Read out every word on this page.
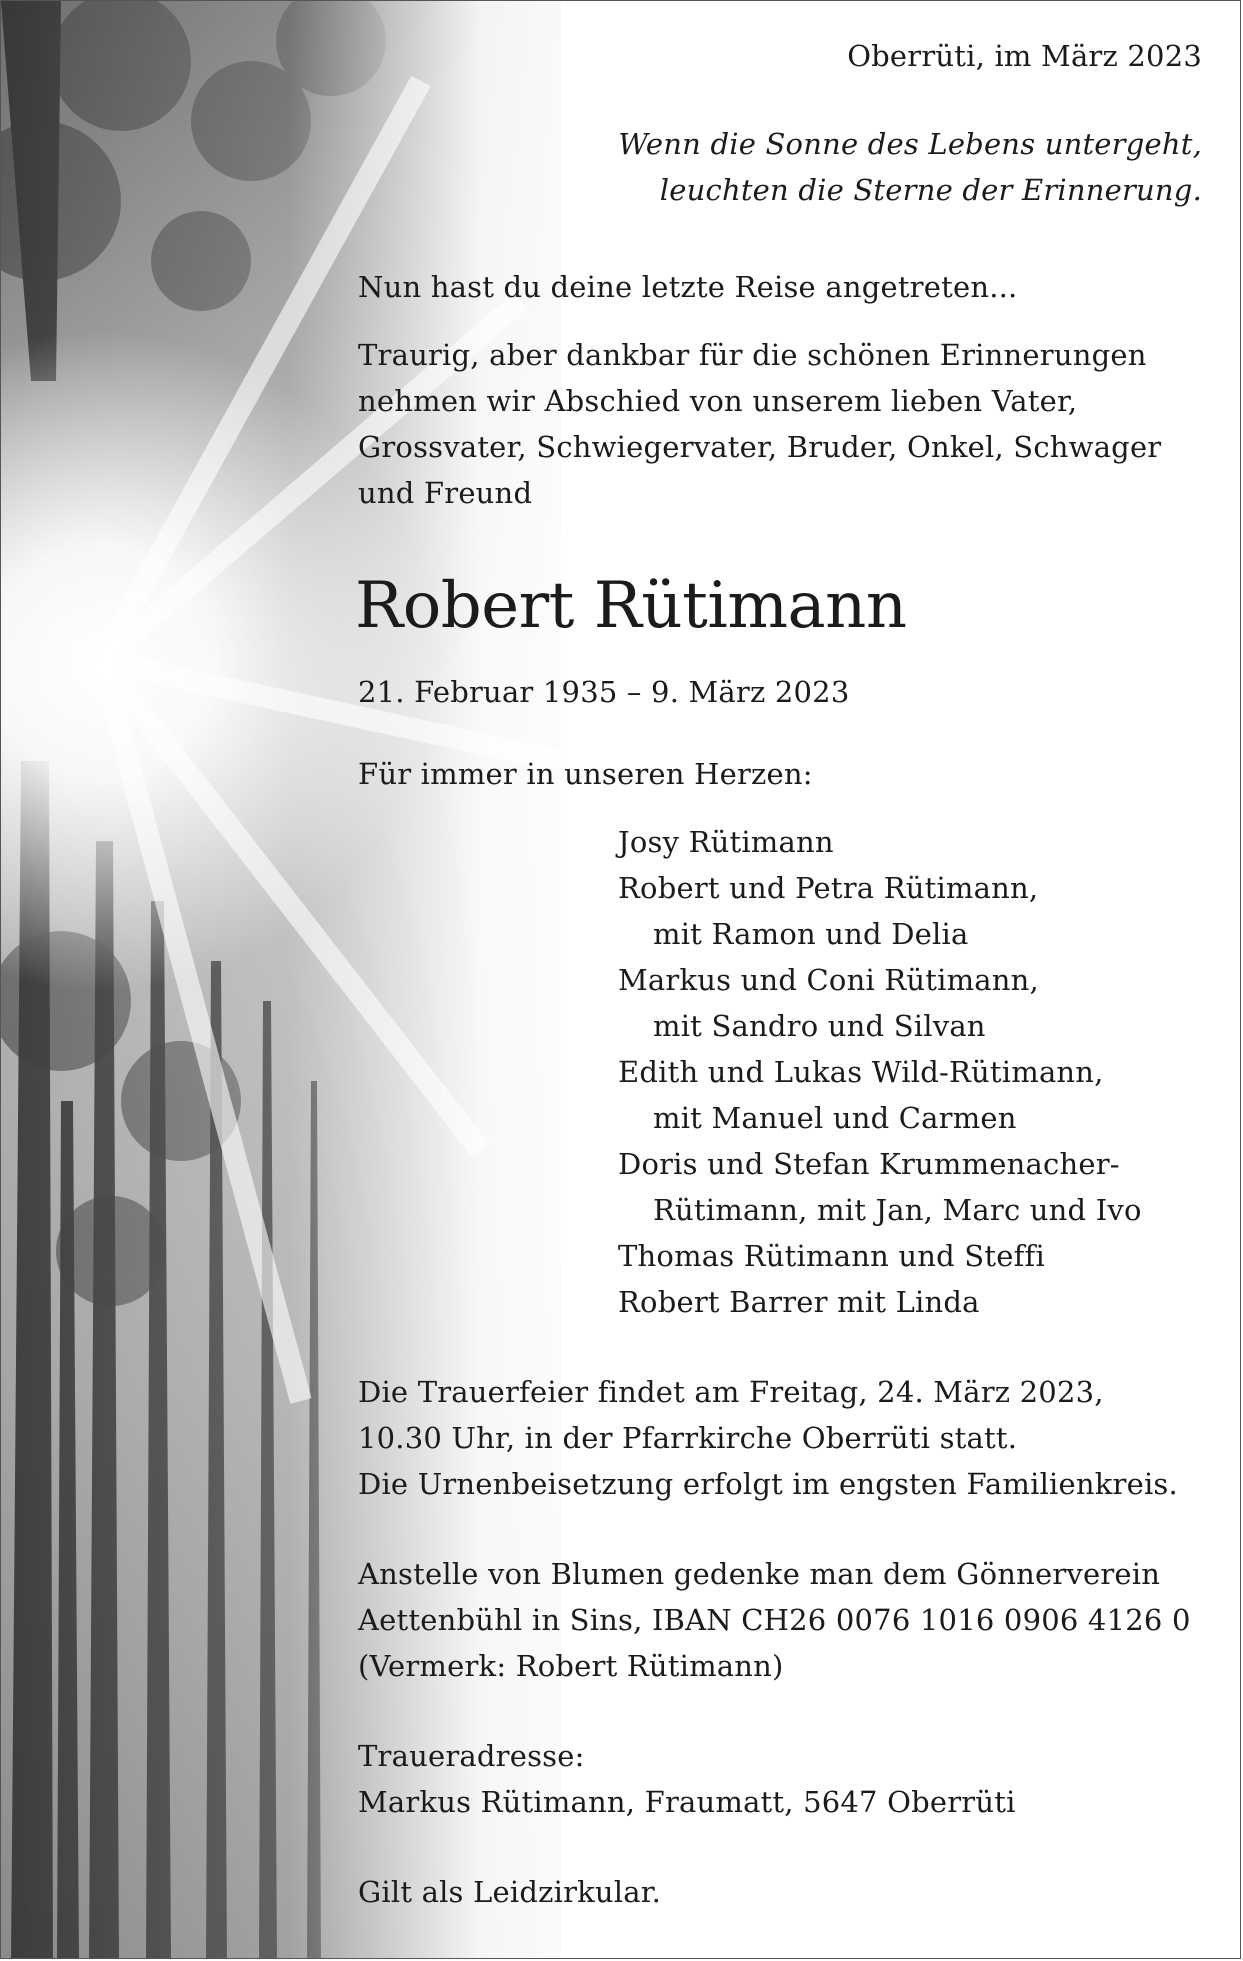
Oberrüti, im März 2023
Wenn die Sonne des Lebens untergeht,
leuchten die Sterne der Erinnerung.
Nun hast du deine letzte Reise angetreten...
Traurig, aber dankbar für die schönen Erinnerungen
nehmen wir Abschied von unserem lieben Vater,
Grossvater, Schwiegervater, Bruder, Onkel, Schwager
und Freund
Robert Rütimann
21. Februar 1935 – 9. März 2023
Für immer in unseren Herzen:
Josy Rütimann
Robert und Petra Rütimann,
mit Ramon und Delia
Markus und Coni Rütimann,
mit Sandro und Silvan
Edith und Lukas Wild-Rütimann,
mit Manuel und Carmen
Doris und Stefan Krummenacher-
Rütimann, mit Jan, Marc und Ivo
Thomas Rütimann und Steffi
Robert Barrer mit Linda
Die Trauerfeier findet am Freitag, 24. März 2023,
10.30 Uhr, in der Pfarrkirche Oberrüti statt.
Die Urnenbeisetzung erfolgt im engsten Familienkreis.
Anstelle von Blumen gedenke man dem Gönnerverein
Aettenbühl in Sins, IBAN CH26 0076 1016 0906 4126 0
(Vermerk: Robert Rütimann)
Traueradresse:
Markus Rütimann, Fraumatt, 5647 Oberrüti
Gilt als Leidzirkular.
